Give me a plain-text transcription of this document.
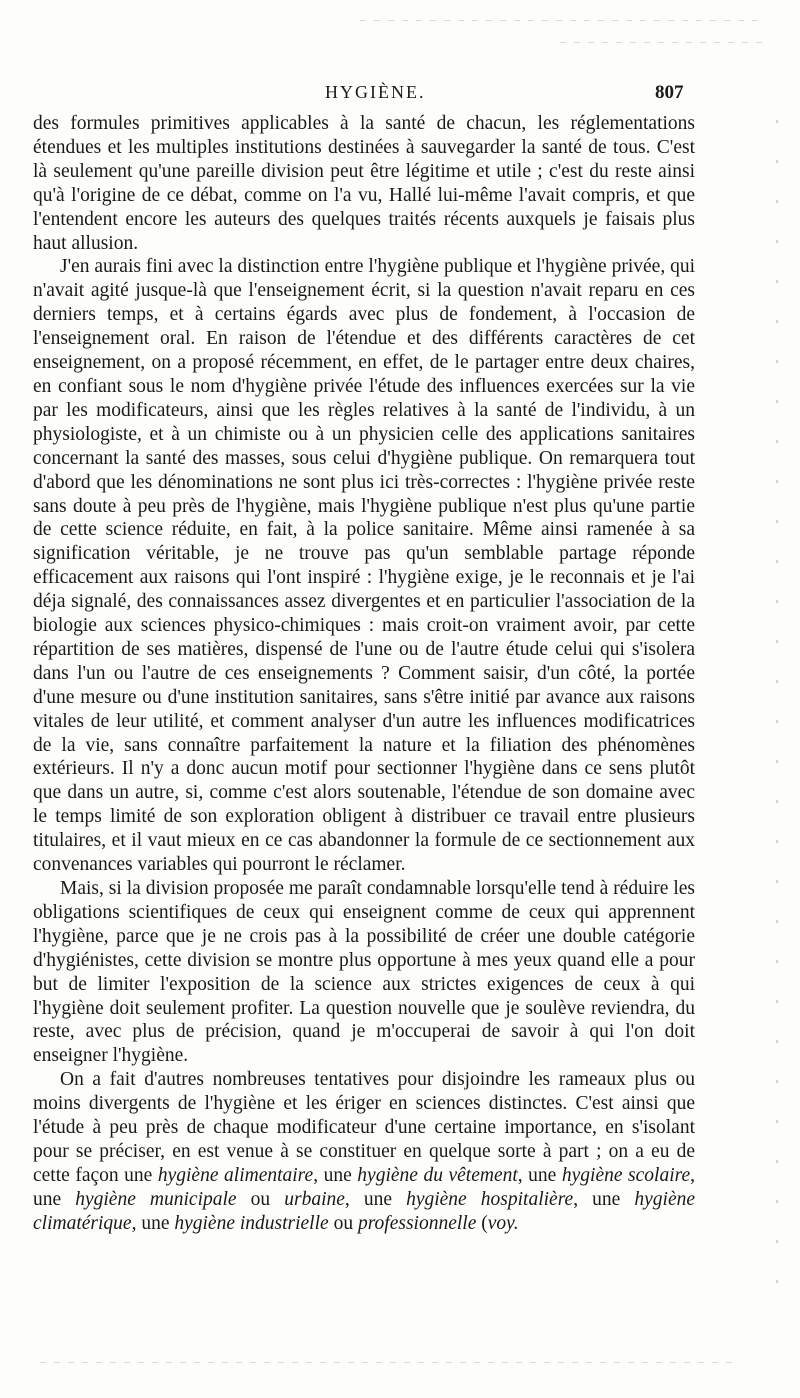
HYGIÈNE.	807

des formules primitives applicables à la santé de chacun, les réglementations étendues et les multiples institutions destinées à sauvegarder la santé de tous. C'est là seulement qu'une pareille division peut être légitime et utile ; c'est du reste ainsi qu'à l'origine de ce débat, comme on l'a vu, Hallé lui-même l'avait compris, et que l'entendent encore les auteurs des quelques traités récents auxquels je faisais plus haut allusion.

J'en aurais fini avec la distinction entre l'hygiène publique et l'hygiène privée, qui n'avait agité jusque-là que l'enseignement écrit, si la question n'avait reparu en ces derniers temps, et à certains égards avec plus de fondement, à l'occasion de l'enseignement oral. En raison de l'étendue et des différents caractères de cet enseignement, on a proposé récemment, en effet, de le partager entre deux chaires, en confiant sous le nom d'hygiène privée l'étude des influences exercées sur la vie par les modificateurs, ainsi que les règles relatives à la santé de l'individu, à un physiologiste, et à un chimiste ou à un physicien celle des applications sanitaires concernant la santé des masses, sous celui d'hygiène publique. On remarquera tout d'abord que les dénominations ne sont plus ici très-correctes : l'hygiène privée reste sans doute à peu près de l'hygiène, mais l'hygiène publique n'est plus qu'une partie de cette science réduite, en fait, à la police sanitaire. Même ainsi ramenée à sa signification véritable, je ne trouve pas qu'un semblable partage réponde efficacement aux raisons qui l'ont inspiré : l'hygiène exige, je le reconnais et je l'ai déja signalé, des connaissances assez divergentes et en particulier l'association de la biologie aux sciences physico-chimiques : mais croit-on vraiment avoir, par cette répartition de ses matières, dispensé de l'une ou de l'autre étude celui qui s'isolera dans l'un ou l'autre de ces enseignements ? Comment saisir, d'un côté, la portée d'une mesure ou d'une institution sanitaires, sans s'être initié par avance aux raisons vitales de leur utilité, et comment analyser d'un autre les influences modificatrices de la vie, sans connaître parfaitement la nature et la filiation des phénomènes extérieurs. Il n'y a donc aucun motif pour sectionner l'hygiène dans ce sens plutôt que dans un autre, si, comme c'est alors soutenable, l'étendue de son domaine avec le temps limité de son exploration obligent à distribuer ce travail entre plusieurs titulaires, et il vaut mieux en ce cas abandonner la formule de ce sectionnement aux convenances variables qui pourront le réclamer.

Mais, si la division proposée me paraît condamnable lorsqu'elle tend à réduire les obligations scientifiques de ceux qui enseignent comme de ceux qui apprennent l'hygiène, parce que je ne crois pas à la possibilité de créer une double catégorie d'hygiénistes, cette division se montre plus opportune à mes yeux quand elle a pour but de limiter l'exposition de la science aux strictes exigences de ceux à qui l'hygiène doit seulement profiter. La question nouvelle que je soulève reviendra, du reste, avec plus de précision, quand je m'occuperai de savoir à qui l'on doit enseigner l'hygiène.

On a fait d'autres nombreuses tentatives pour disjoindre les rameaux plus ou moins divergents de l'hygiène et les ériger en sciences distinctes. C'est ainsi que l'étude à peu près de chaque modificateur d'une certaine importance, en s'isolant pour se préciser, en est venue à se constituer en quelque sorte à part ; on a eu de cette façon une hygiène alimentaire, une hygiène du vêtement, une hygiène scolaire, une hygiène municipale ou urbaine, une hygiène hospitalière, une hygiène climatérique, une hygiène industrielle ou professionnelle (voy.
